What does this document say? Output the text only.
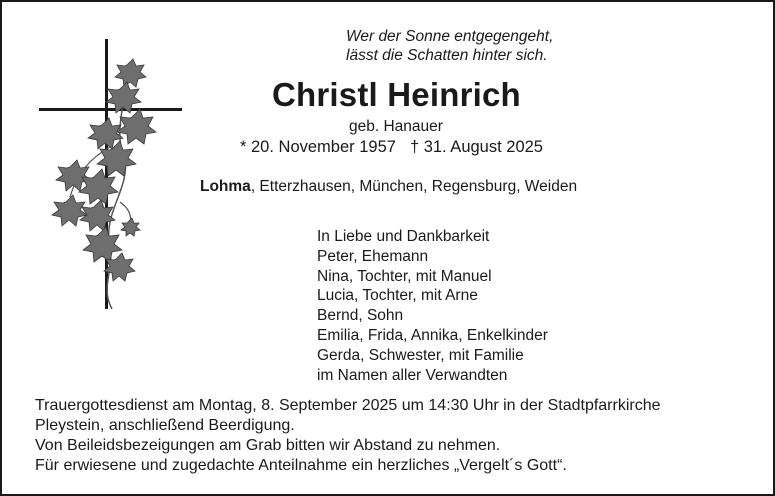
Wer der Sonne entgegengeht,
lässt die Schatten hinter sich.
Christl Heinrich
geb. Hanauer
* 20. November 1957 † 31. August 2025
Lohma, Etterzhausen, München, Regensburg, Weiden
In Liebe und Dankbarkeit
Peter, Ehemann
Nina, Tochter, mit Manuel
Lucia, Tochter, mit Arne
Bernd, Sohn
Emilia, Frida, Annika, Enkelkinder
Gerda, Schwester, mit Familie
im Namen aller Verwandten
Trauergottesdienst am Montag, 8. September 2025 um 14:30 Uhr in der Stadtpfarrkirche
Pleystein, anschließend Beerdigung.
Von Beileidsbezeigungen am Grab bitten wir Abstand zu nehmen.
Für erwiesene und zugedachte Anteilnahme ein herzliches „Vergelt´s Gott“.
